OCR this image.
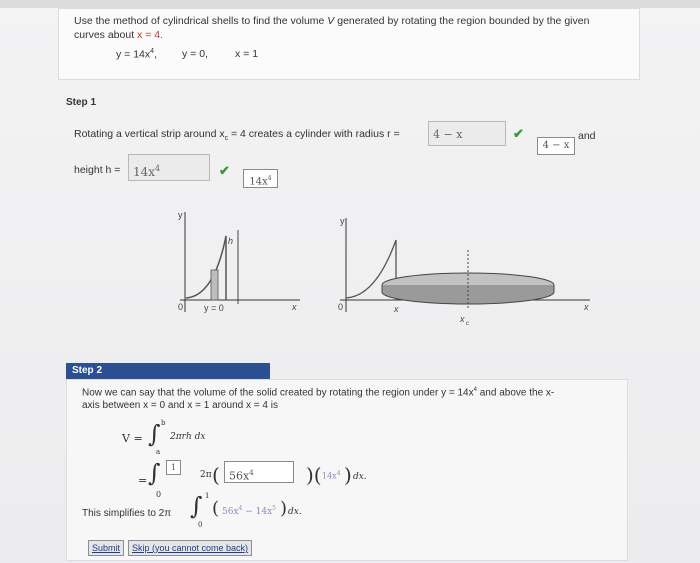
Use the method of cylindrical shells to find the volume V generated by rotating the region bounded by the given curves about x = 4.
$y = 14x^4$, y = 0,	x = 1
Step 1
Rotating a vertical strip around $x_c = 4$ creates a cylinder with radius r =	4 − x	✔
4 − x
and
height h =	$14x^4$	✔
$14x^4$
y
x
0
h
y = 0
y
x
0	x
x c
Step 2
Now we can say that the volume of the solid created by rotating the region under $y = 14x^4$ and above the x-
axis between x = 0 and x = 1 around x = 4 is
V = ∫ b
a
2πrh dx
= ∫	1
0
2π ( $56x^4$	)( $14x^4$ ) dx.
This simplifies to 2π ∫ 1
0
( $56x^4 - 14x^5$ ) dx.
Submit	Skip (you cannot come back)
